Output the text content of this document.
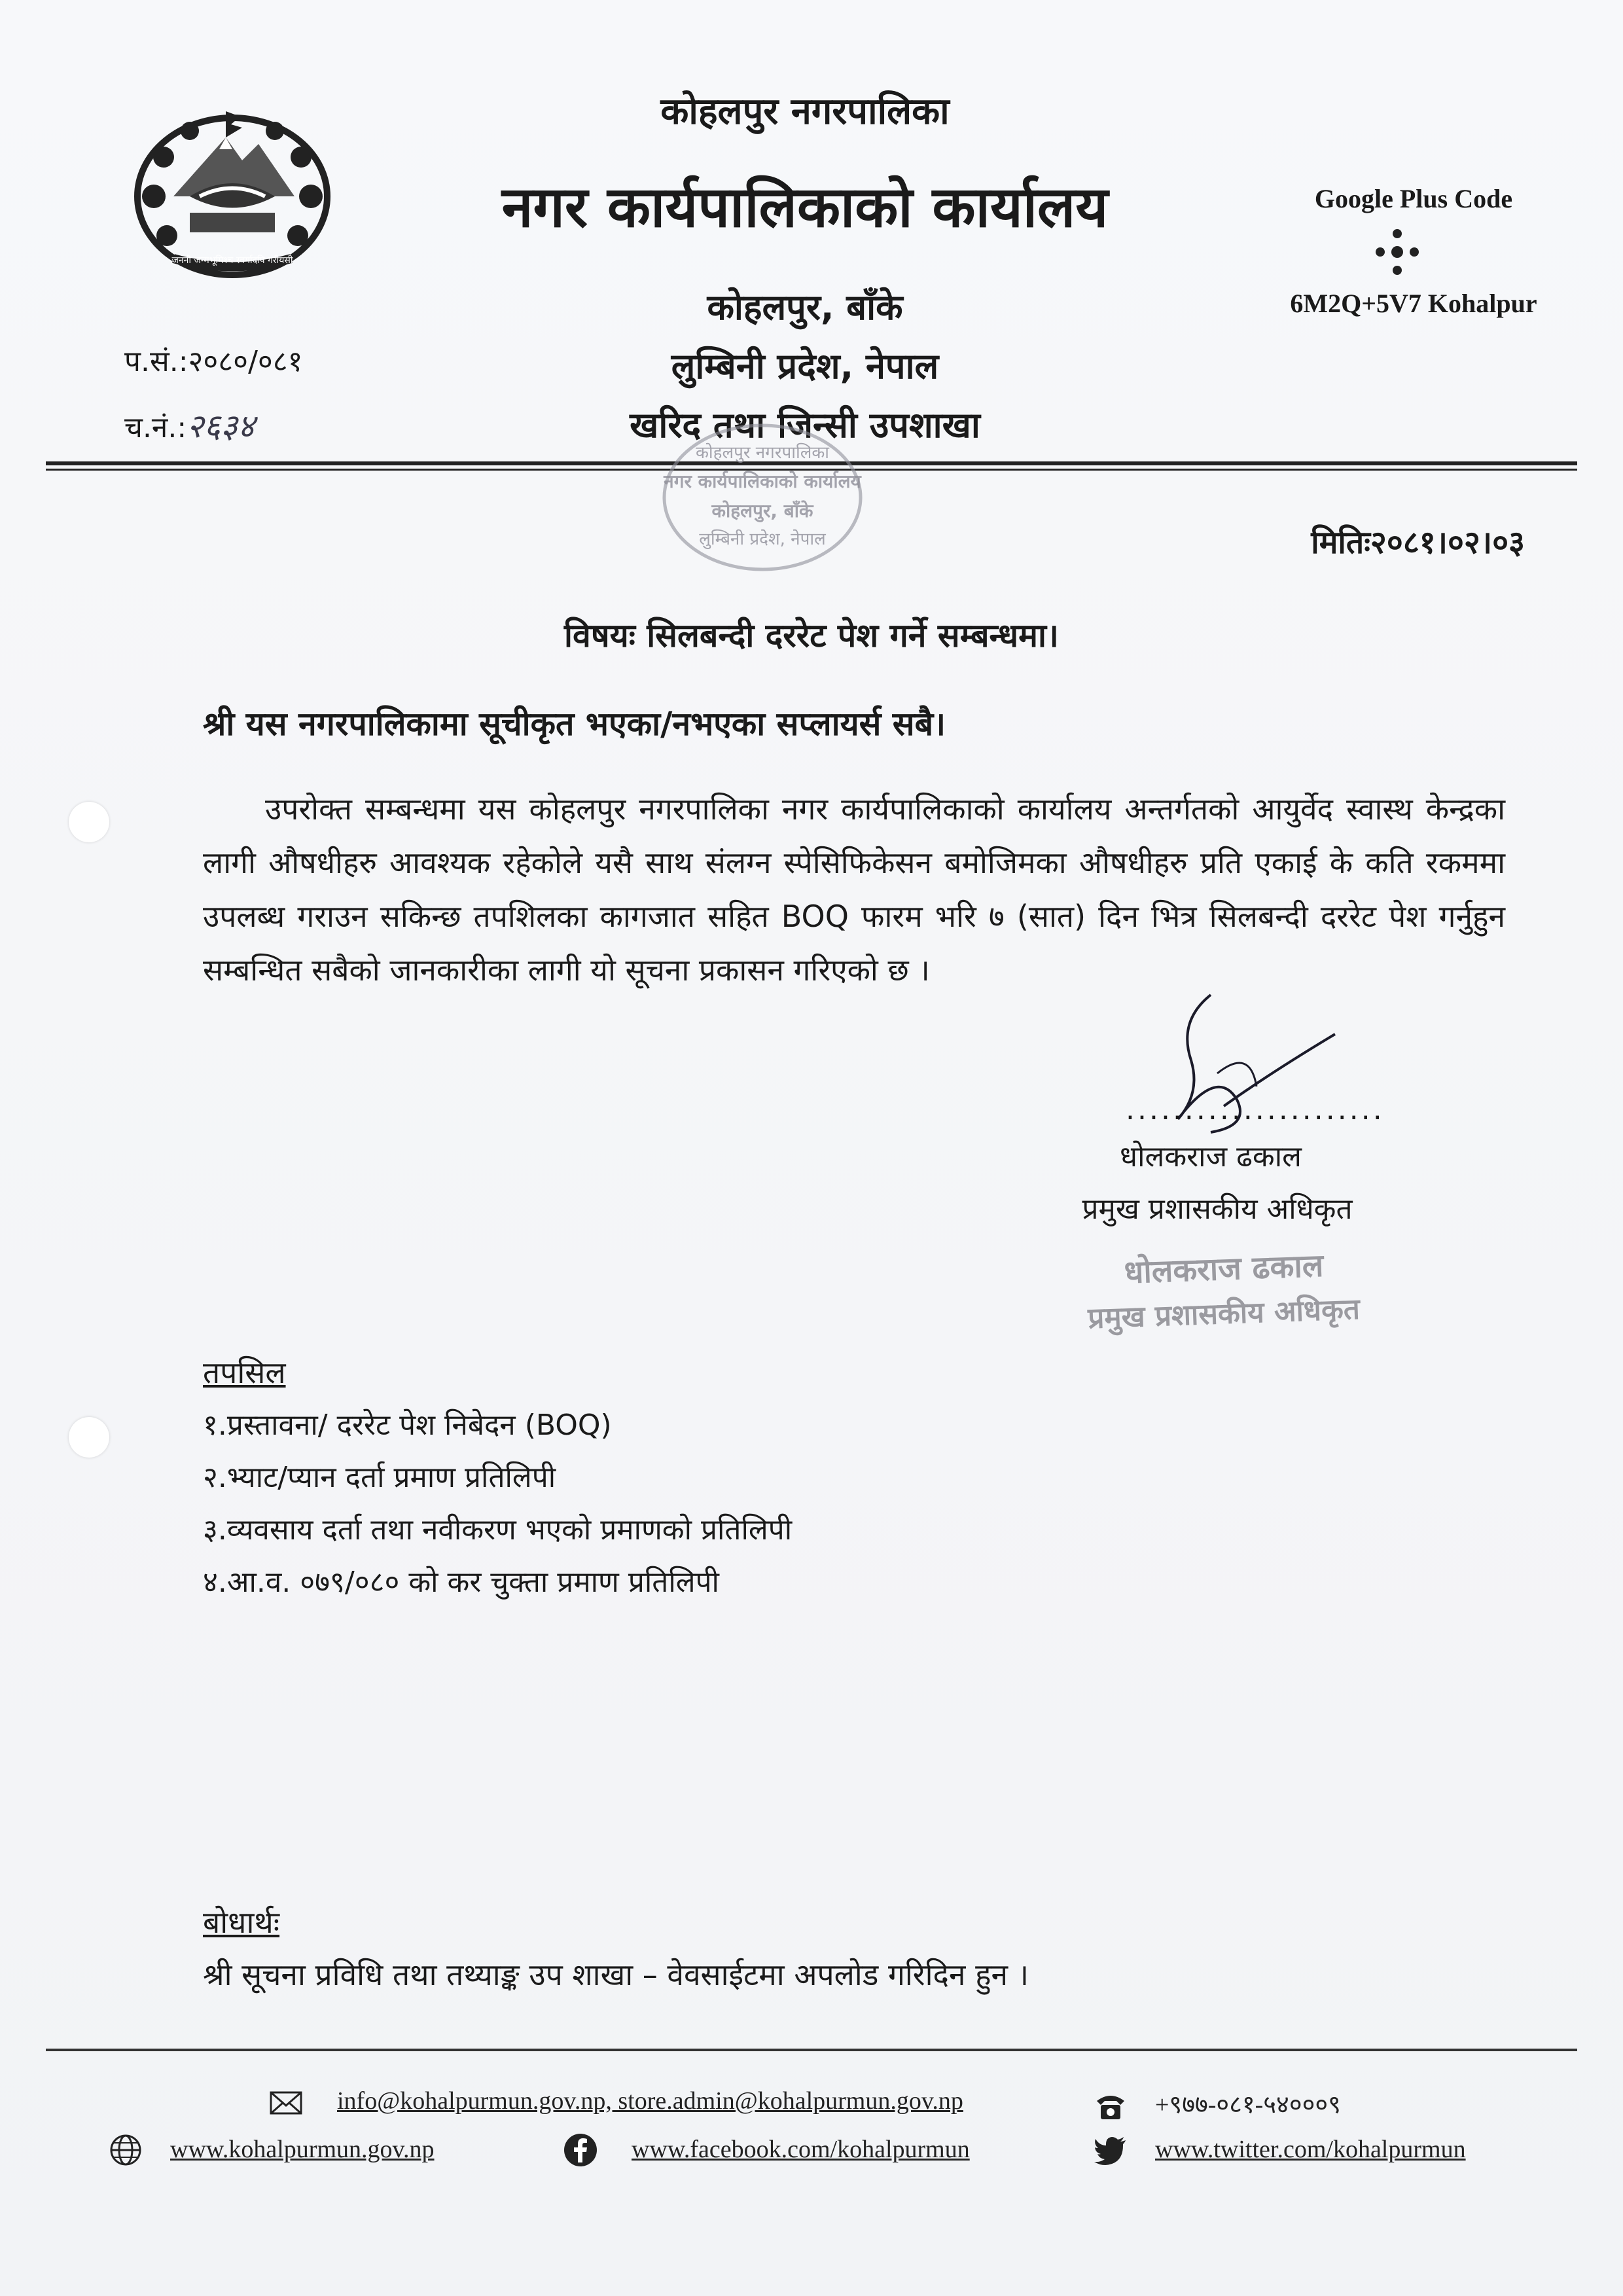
जननी जन्मभूमिश्च स्वर्गादपि गरीयसी
कोहलपुर नगरपालिका
नगर कार्यपालिकाको कार्यालय
कोहलपुर, बाँके
लुम्बिनी प्रदेश, नेपाल
खरिद तथा जिन्सी उपशाखा
Google Plus Code
6M2Q+5V7 Kohalpur
प.सं.:२०८०/०८१
च.नं.:२६३४
कोहलपुर नगरपालिका
नगर कार्यपालिकाको कार्यालय
कोहलपुर, बाँके
लुम्बिनी प्रदेश, नेपाल	मितिः२०८१।०२।०३
विषयः सिलबन्दी दररेट पेश गर्ने सम्बन्धमा।
श्री यस नगरपालिकामा सूचीकृत भएका/नभएका सप्लायर्स सबै।
उपरोक्त सम्बन्धमा यस कोहलपुर नगरपालिका नगर कार्यपालिकाको कार्यालय अन्तर्गतको आयुर्वेद स्वास्थ केन्द्रका लागी औषधीहरु आवश्यक रहेकोले यसै साथ संलग्न स्पेसिफिकेसन बमोजिमका औषधीहरु प्रति एकाई के कति रकममा उपलब्ध गराउन सकिन्छ तपशिलका कागजात सहित BOQ फारम भरि ७ (सात) दिन भित्र सिलबन्दी दररेट पेश गर्नुहुन सम्बन्धित सबैको जानकारीका लागी यो सूचना प्रकासन गरिएको छ ।
......................
धोलकराज ढकाल
प्रमुख प्रशासकीय अधिकृत
धोलकराज ढकाल
प्रमुख प्रशासकीय अधिकृत
तपसिल
१.प्रस्तावना/ दररेट पेश निबेदन (BOQ)
२.भ्याट/प्यान दर्ता प्रमाण प्रतिलिपी
३.व्यवसाय दर्ता तथा नवीकरण भएको प्रमाणको प्रतिलिपी
४.आ.व. ०७९/०८० को कर चुक्ता प्रमाण प्रतिलिपी
बोधार्थः
श्री सूचना प्रविधि तथा तथ्याङ्क उप शाखा – वेवसाईटमा अपलोड गरिदिन हुन ।
info@kohalpurmun.gov.np, store.admin@kohalpurmun.gov.np	+९७७-०८१-५४०००९
www.kohalpurmun.gov.np	www.facebook.com/kohalpurmun	www.twitter.com/kohalpurmun
